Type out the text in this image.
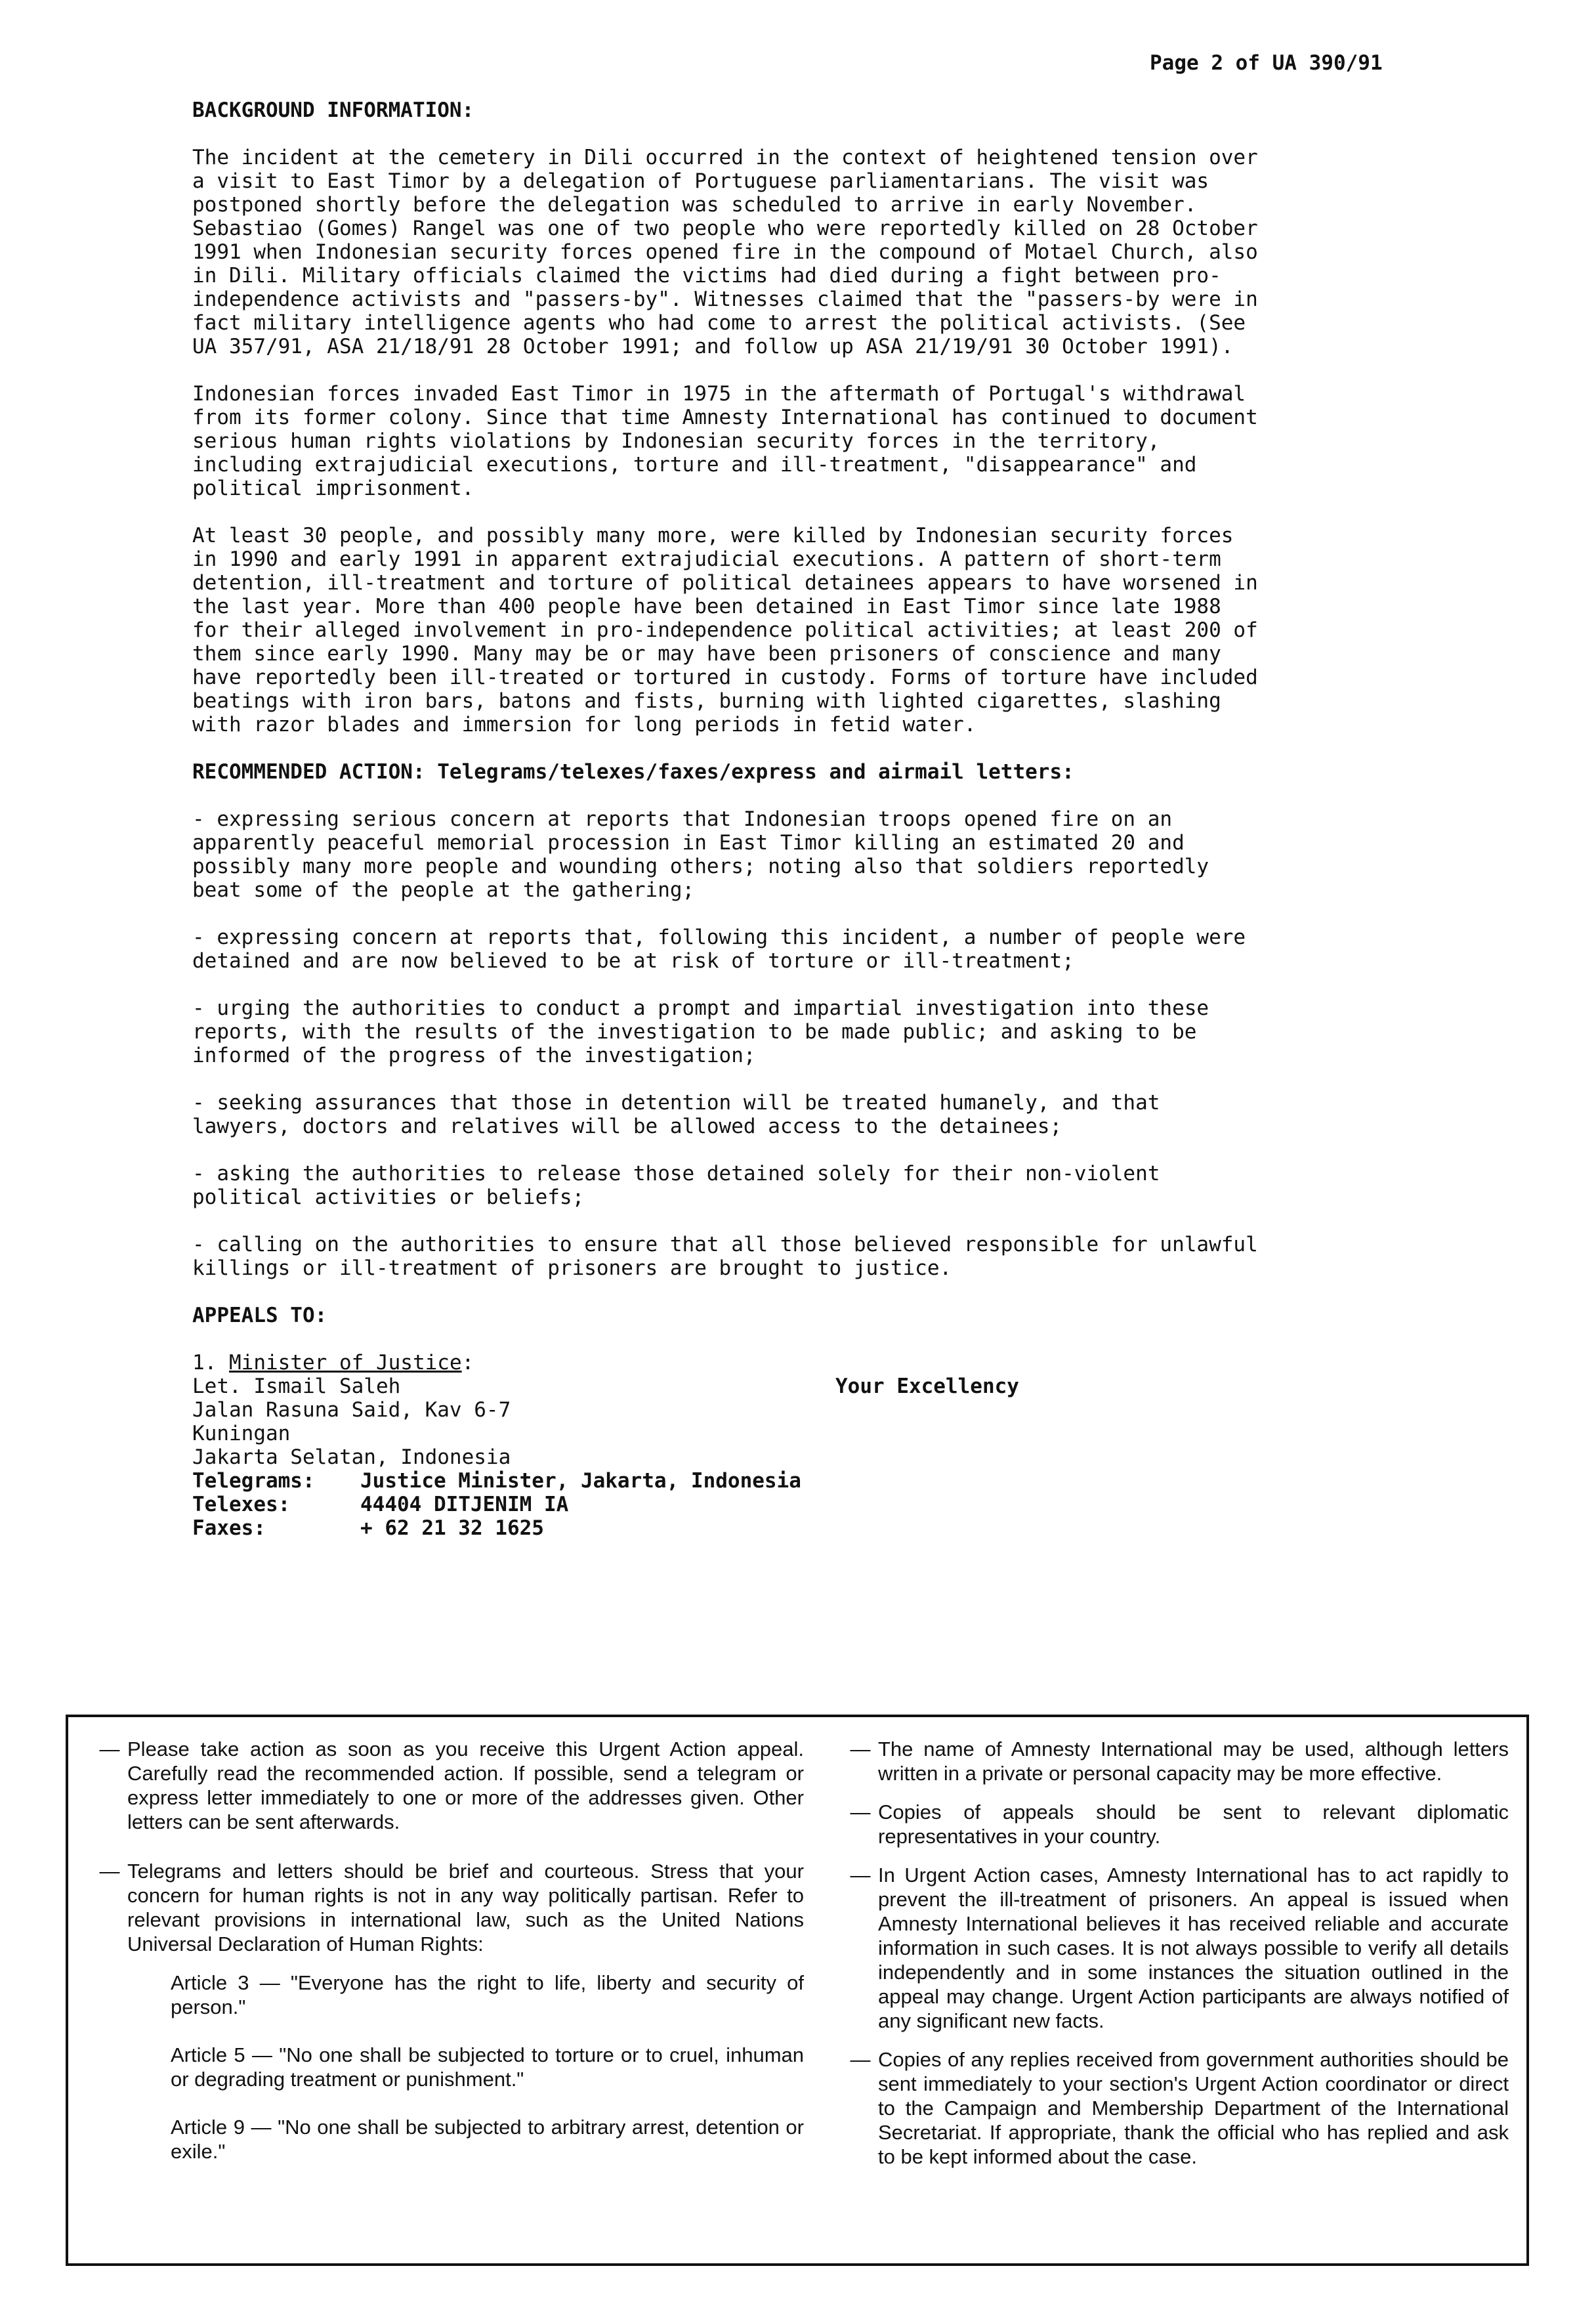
Page 2 of UA 390/91
BACKGROUND INFORMATION:
The incident at the cemetery in Dili occurred in the context of heightened tension over
a visit to East Timor by a delegation of Portuguese parliamentarians. The visit was
postponed shortly before the delegation was scheduled to arrive in early November.
Sebastiao (Gomes) Rangel was one of two people who were reportedly killed on 28 October
1991 when Indonesian security forces opened fire in the compound of Motael Church, also
in Dili. Military officials claimed the victims had died during a fight between pro-
independence activists and "passers-by". Witnesses claimed that the "passers-by were in
fact military intelligence agents who had come to arrest the political activists. (See
UA 357/91, ASA 21/18/91 28 October 1991; and follow up ASA 21/19/91 30 October 1991).
Indonesian forces invaded East Timor in 1975 in the aftermath of Portugal's withdrawal
from its former colony. Since that time Amnesty International has continued to document
serious human rights violations by Indonesian security forces in the territory,
including extrajudicial executions, torture and ill-treatment, "disappearance" and
political imprisonment.
At least 30 people, and possibly many more, were killed by Indonesian security forces
in 1990 and early 1991 in apparent extrajudicial executions. A pattern of short-term
detention, ill-treatment and torture of political detainees appears to have worsened in
the last year. More than 400 people have been detained in East Timor since late 1988
for their alleged involvement in pro-independence political activities; at least 200 of
them since early 1990. Many may be or may have been prisoners of conscience and many
have reportedly been ill-treated or tortured in custody. Forms of torture have included
beatings with iron bars, batons and fists, burning with lighted cigarettes, slashing
with razor blades and immersion for long periods in fetid water.
RECOMMENDED ACTION: Telegrams/telexes/faxes/express and airmail letters:
- expressing serious concern at reports that Indonesian troops opened fire on an
apparently peaceful memorial procession in East Timor killing an estimated 20 and
possibly many more people and wounding others; noting also that soldiers reportedly
beat some of the people at the gathering;
- expressing concern at reports that, following this incident, a number of people were
detained and are now believed to be at risk of torture or ill-treatment;
- urging the authorities to conduct a prompt and impartial investigation into these
reports, with the results of the investigation to be made public; and asking to be
informed of the progress of the investigation;
- seeking assurances that those in detention will be treated humanely, and that
lawyers, doctors and relatives will be allowed access to the detainees;
- asking the authorities to release those detained solely for their non-violent
political activities or beliefs;
- calling on the authorities to ensure that all those believed responsible for unlawful
killings or ill-treatment of prisoners are brought to justice.
APPEALS TO:
1. Minister of Justice:
Let. Ismail Saleh
Jalan Rasuna Said, Kav 6-7
Kuningan
Jakarta Selatan, Indonesia
Your Excellency
Telegrams:	Justice Minister, Jakarta, Indonesia
Telexes:	44404 DITJENIM IA
Faxes:	+ 62 21 32 1625
— Please take action as soon as you receive this Urgent Action appeal. Carefully read the recommended action. If possible, send a telegram or express letter immediately to one or more of the addresses given. Other letters can be sent afterwards.
— Telegrams and letters should be brief and courteous. Stress that your concern for human rights is not in any way politically partisan. Refer to relevant provisions in international law, such as the United Nations Universal Declaration of Human Rights:
Article 3 — "Everyone has the right to life, liberty and security of person."
Article 5 — "No one shall be subjected to torture or to cruel, inhuman or degrading treatment or punishment."
Article 9 — "No one shall be subjected to arbitrary arrest, detention or exile."
— The name of Amnesty International may be used, although letters written in a private or personal capacity may be more effective.
— Copies of appeals should be sent to relevant diplomatic representatives in your country.
— In Urgent Action cases, Amnesty International has to act rapidly to prevent the ill-treatment of prisoners. An appeal is issued when Amnesty International believes it has received reliable and accurate information in such cases. It is not always possible to verify all details independently and in some instances the situation outlined in the appeal may change. Urgent Action participants are always notified of any significant new facts.
— Copies of any replies received from government authorities should be sent immediately to your section's Urgent Action coordinator or direct to the Campaign and Membership Department of the International Secretariat. If appropriate, thank the official who has replied and ask to be kept informed about the case.
